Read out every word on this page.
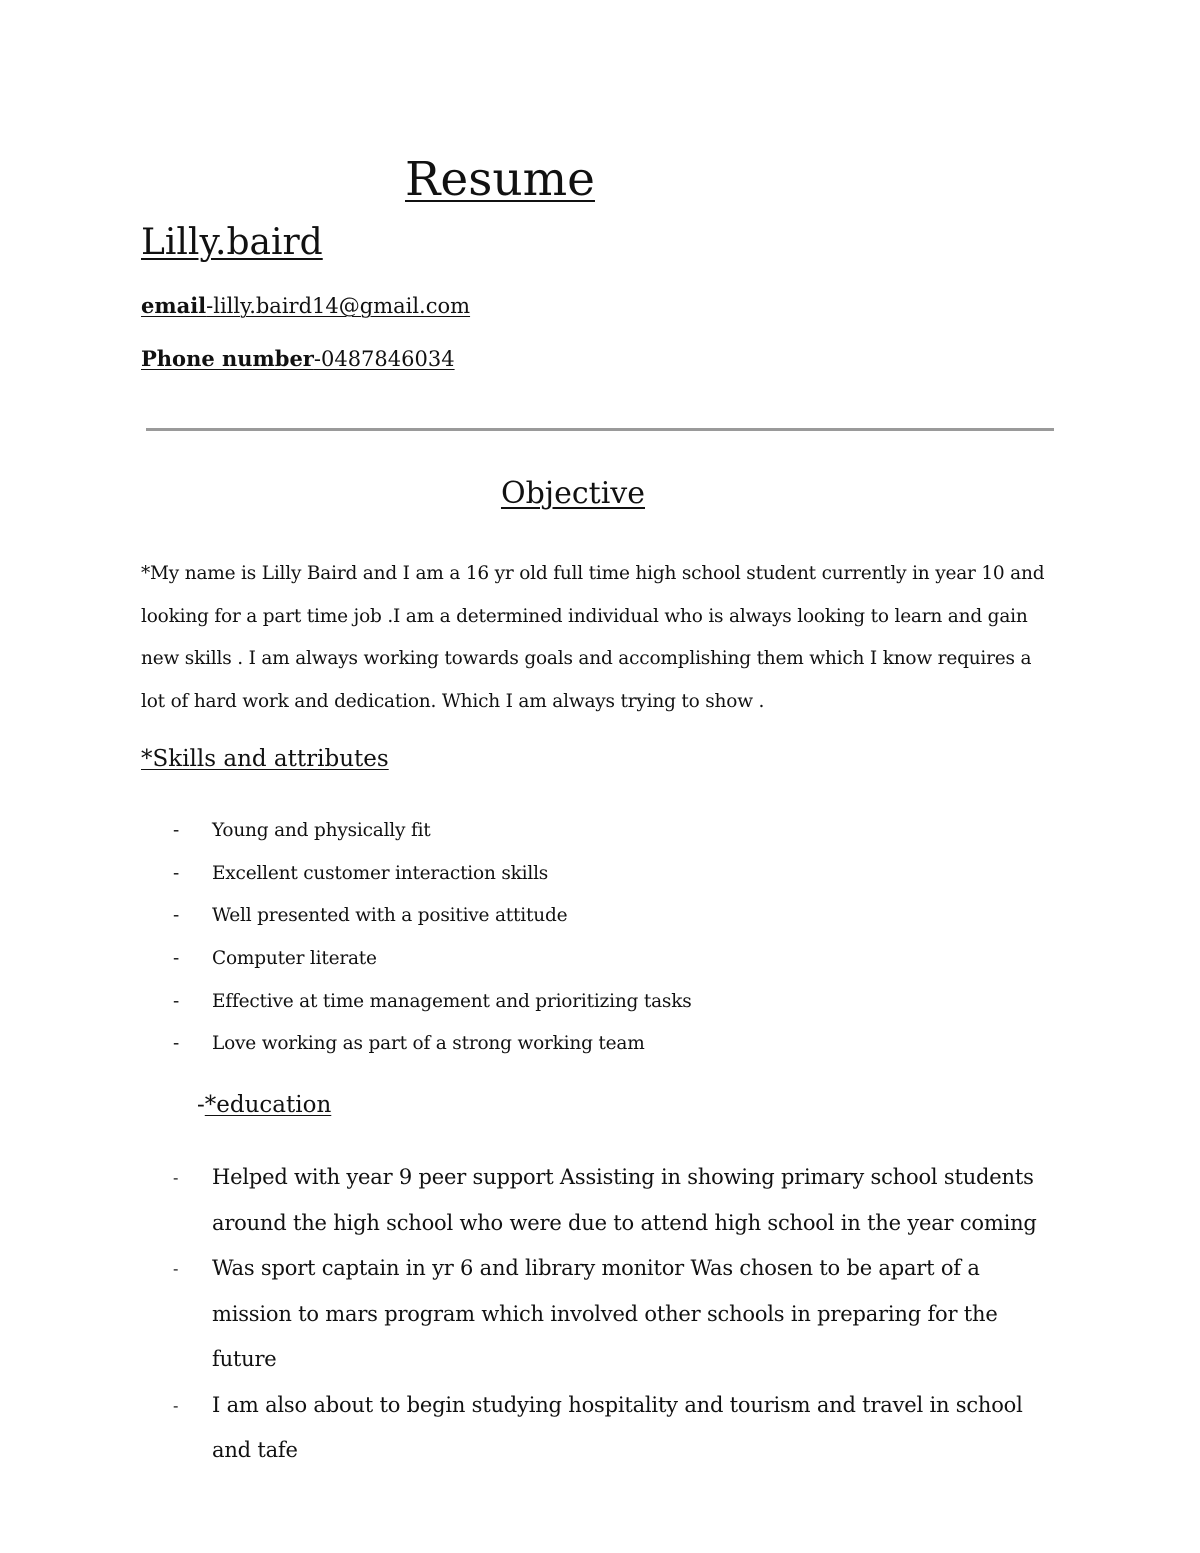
Resume
Lilly.baird

email-lilly.baird14@gmail.com

Phone number-0487846034

Objective

*My name is Lilly Baird and I am a 16 yr old full time high school student currently in year 10 and looking for a part time job .I am a determined individual who is always looking to learn and gain new skills . I am always working towards goals and accomplishing them which I know requires a lot of hard work and dedication. Which I am always trying to show .

*Skills and attributes
- Young and physically fit
- Excellent customer interaction skills
- Well presented with a positive attitude
- Computer literate
- Effective at time management and prioritizing tasks
- Love working as part of a strong working team
-*education
- Helped with year 9 peer support Assisting in showing primary school students around the high school who were due to attend high school in the year coming
- Was sport captain in yr 6 and library monitor Was chosen to be apart of a mission to mars program which involved other schools in preparing for the future
- I am also about to begin studying hospitality and tourism and travel in school and tafe
